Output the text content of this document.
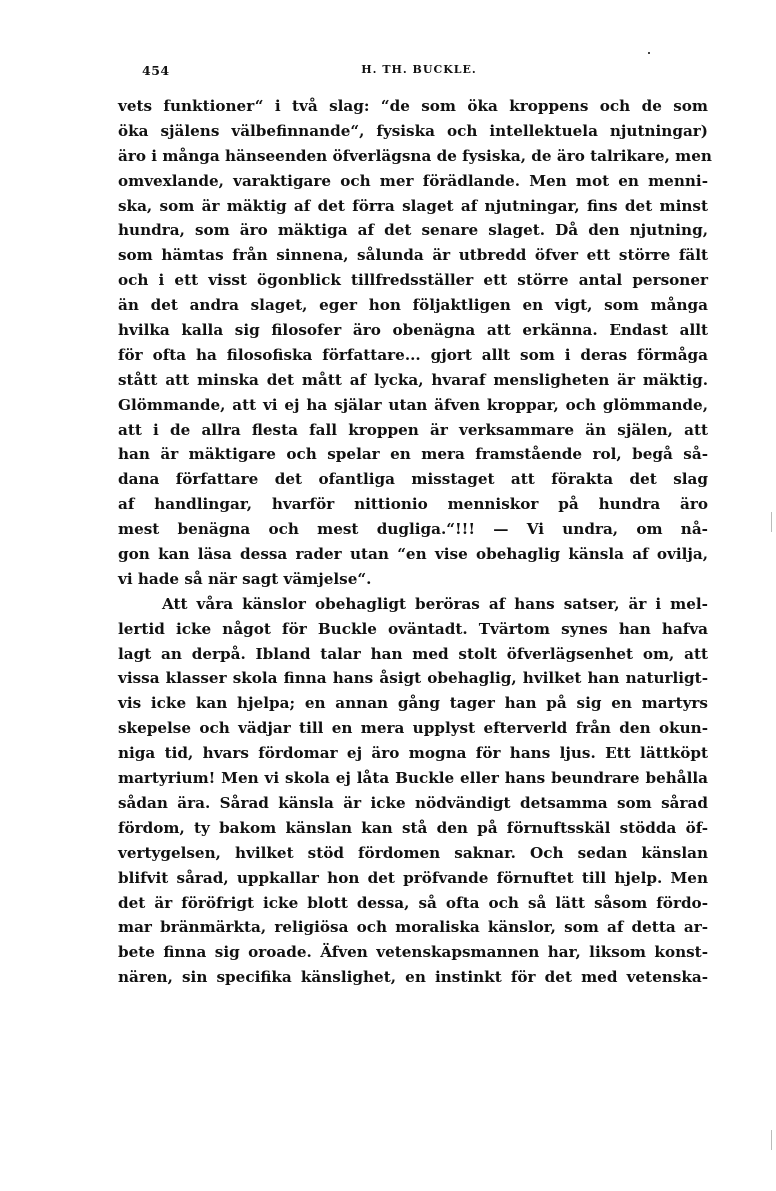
454	H. TH. BUCKLE.
vets funktioner“ i två slag: “de som öka kroppens och de som
öka själens välbefinnande“, fysiska och intellektuela njutningar)
äro i många hänseenden öfverlägsna de fysiska, de äro talrikare, men
omvexlande, varaktigare och mer förädlande. Men mot en menni-
ska, som är mäktig af det förra slaget af njutningar, fins det minst
hundra, som äro mäktiga af det senare slaget. Då den njutning,
som hämtas från sinnena, sålunda är utbredd öfver ett större fält
och i ett visst ögonblick tillfredsställer ett större antal personer
än det andra slaget, eger hon följaktligen en vigt, som många
hvilka kalla sig filosofer äro obenägna att erkänna. Endast allt
för ofta ha filosofiska författare... gjort allt som i deras förmåga
stått att minska det mått af lycka, hvaraf mensligheten är mäktig.
Glömmande, att vi ej ha själar utan äfven kroppar, och glömmande,
att i de allra flesta fall kroppen är verksammare än själen, att
han är mäktigare och spelar en mera framstående rol, begå så-
dana författare det ofantliga misstaget att förakta det slag
af handlingar, hvarför nittionio menniskor på hundra äro
mest benägna och mest dugliga.“!!! — Vi undra, om nå-
gon kan läsa dessa rader utan “en vise obehaglig känsla af ovilja,
vi hade så när sagt vämjelse“.
Att våra känslor obehagligt beröras af hans satser, är i mel-
lertid icke något för Buckle oväntadt. Tvärtom synes han hafva
lagt an derpå. Ibland talar han med stolt öfverlägsenhet om, att
vissa klasser skola finna hans åsigt obehaglig, hvilket han naturligt-
vis icke kan hjelpa; en annan gång tager han på sig en martyrs
skepelse och vädjar till en mera upplyst efterverld från den okun-
niga tid, hvars fördomar ej äro mogna för hans ljus. Ett lättköpt
martyrium! Men vi skola ej låta Buckle eller hans beundrare behålla
sådan ära. Sårad känsla är icke nödvändigt detsamma som sårad
fördom, ty bakom känslan kan stå den på förnuftsskäl stödda öf-
vertygelsen, hvilket stöd fördomen saknar. Och sedan känslan
blifvit sårad, uppkallar hon det pröfvande förnuftet till hjelp. Men
det är föröfrigt icke blott dessa, så ofta och så lätt såsom fördo-
mar bränmärkta, religiösa och moraliska känslor, som af detta ar-
bete finna sig oroade. Äfven vetenskapsmannen har, liksom konst-
nären, sin specifika känslighet, en instinkt för det med vetenska-
